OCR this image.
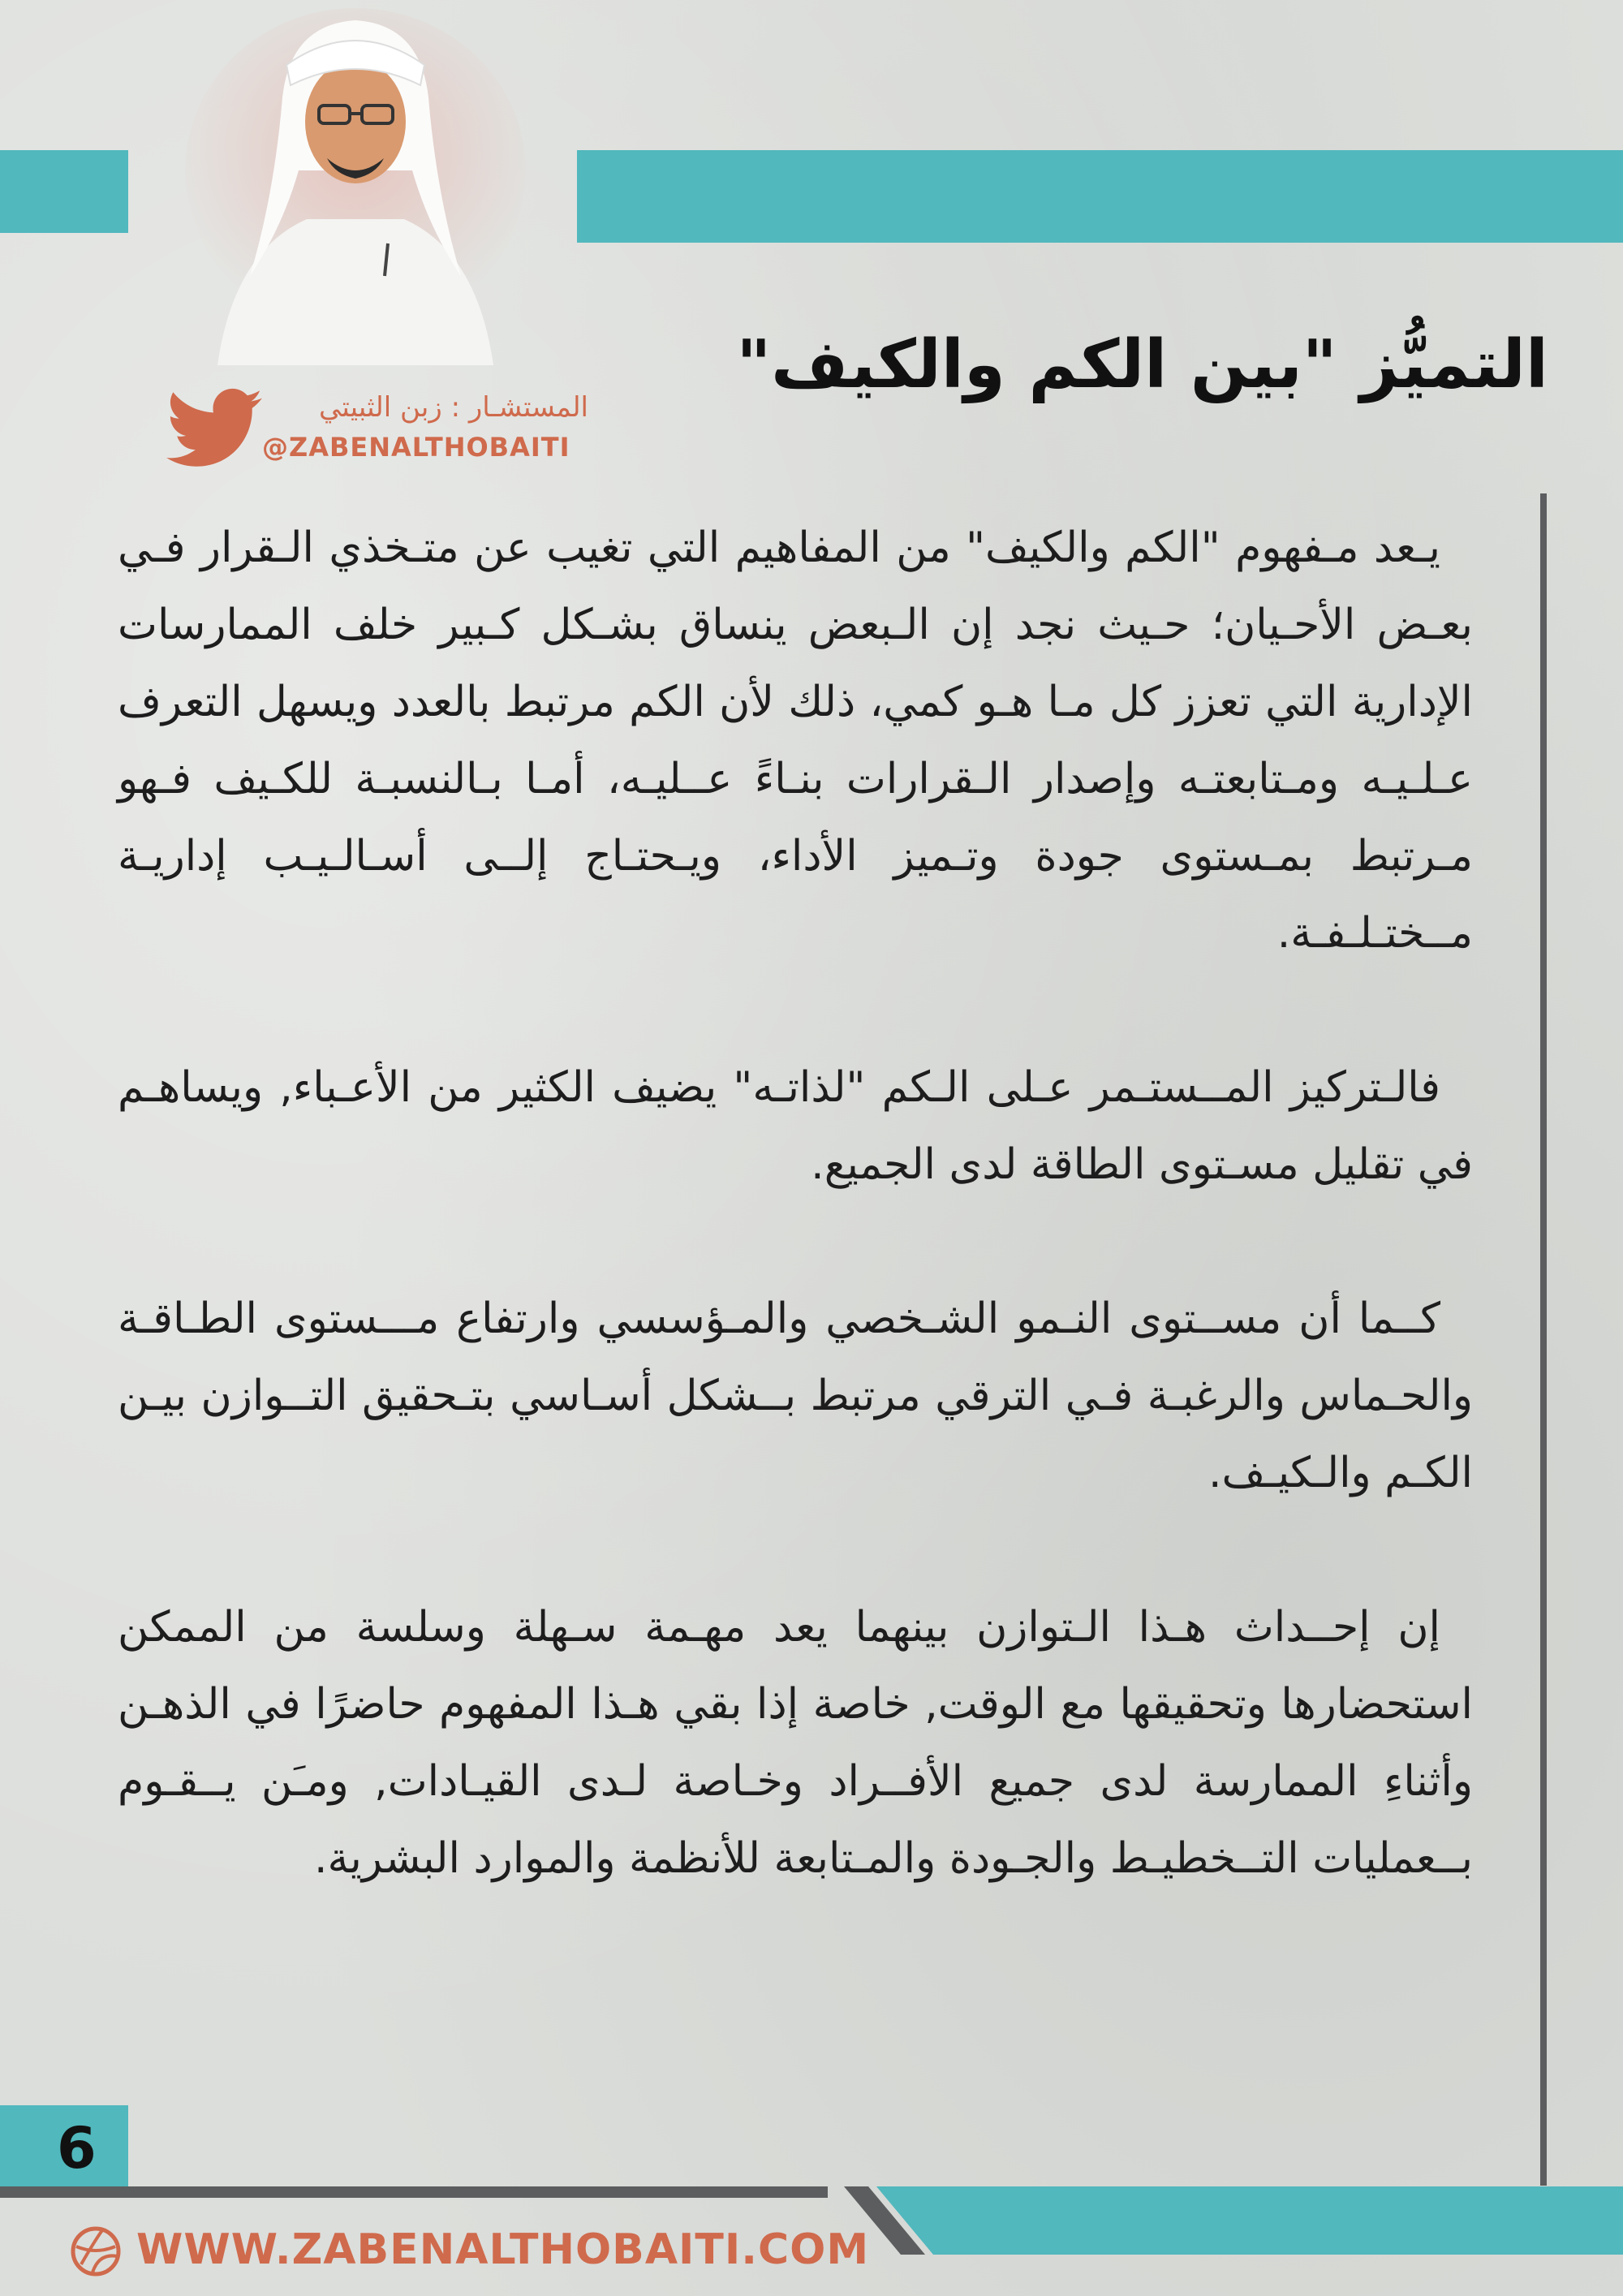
المستشـار : زبن الثبيتي
@ZABENALTHOBAITI
التميُّز "بين الكم والكيف"

يـعد مـفهوم "الكم والكيف" من المفاهيم التي تغيب عن متـخذي الـقرار فـي بعـض الأحـيان؛ حـيث نجد إن الـبعض ينساق بشـكل كـبير خلف الممارسات الإدارية التي تعزز كل مـا هـو كمي، ذلك لأن الكم مرتبط بالعدد ويسهل التعرف عـلـيـه ومـتابعتـه وإصدار الـقرارات بنـاءً عــليـه، أمـا بـالنسبـة للكـيف فـهو مـرتبط بمـستوى جودة وتـميز الأداء، ويـحتـاج إلــى أسـالـيـب إداريـة مــختـلـفـة.

فالـتركيز المــستـمر عـلى الـكم "لذاتـه" يضيف الكثير من الأعـباء, ويساهـم في تقليل مسـتوى الطاقة لدى الجميع.

كــما أن مســتوى النـمو الشـخصي والمـؤسسي وارتفاع مـــستوى الطـاقـة والحـماس والرغبـة فـي الترقي مرتبط بــشكل أسـاسي بتـحقيق التــوازن بيـن الكـم والـكيـف.

إن إحــداث هـذا الـتوازن بينهما يعد مهـمة سـهلة وسلسة من الممكن استحضارها وتحقيقها مع الوقت, خاصة إذا بقي هـذا المفهوم حاضرًا في الذهـن وأثناءِ الممارسة لدى جميع الأفــراد وخـاصة لـدى القيـادات, ومـَن يــقـوم بــعمليات التــخطيـط والجـودة والمـتابعة للأنظمة والموارد البشرية.

6
WWW.ZABENALTHOBAITI.COM
